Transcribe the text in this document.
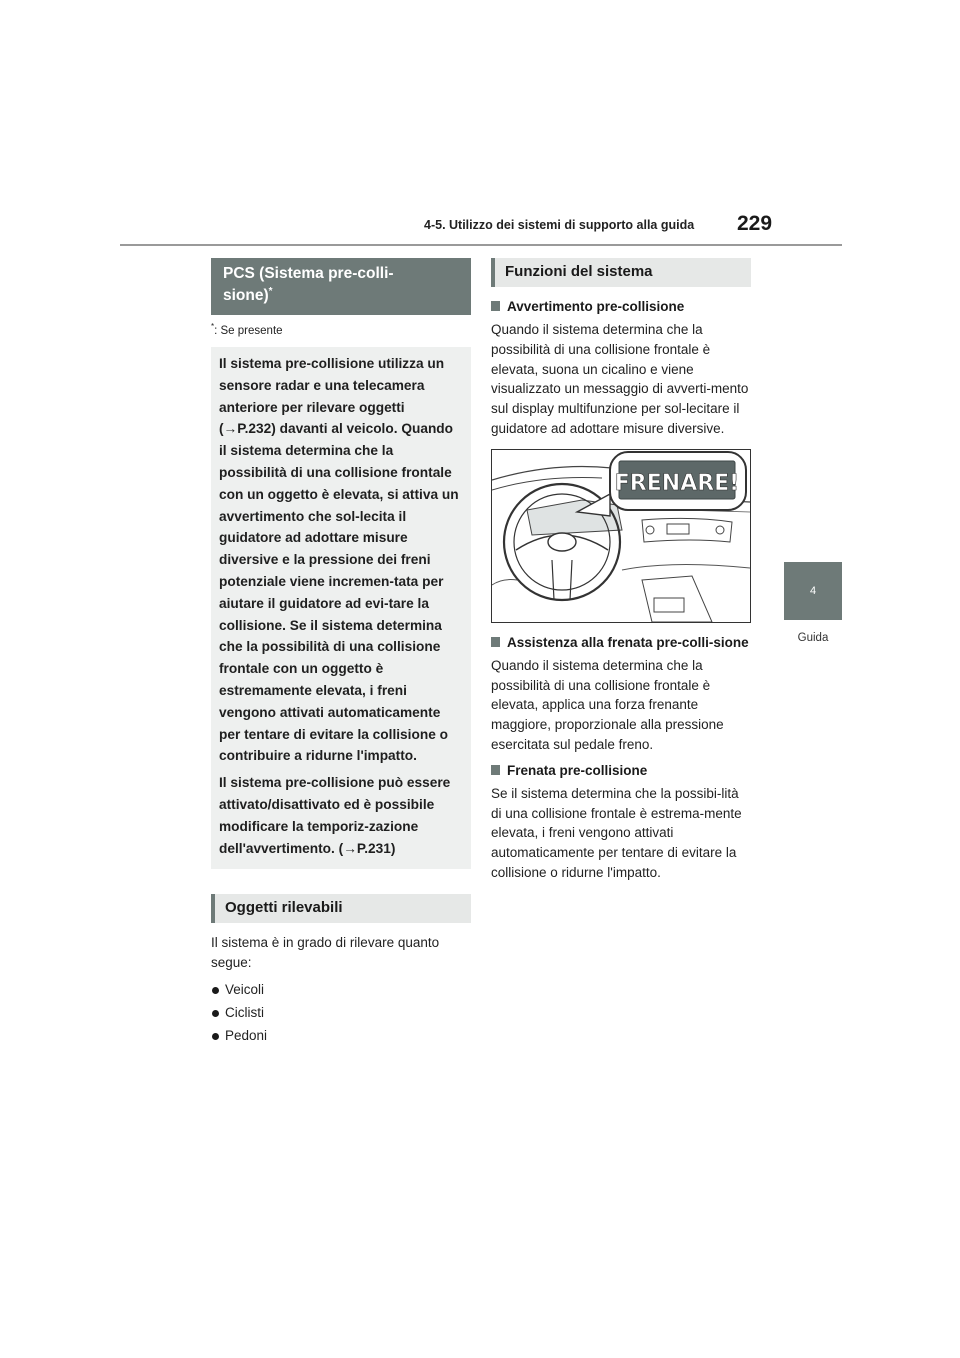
4-5. Utilizzo dei sistemi di supporto alla guida 229
4
Guida
PCS (Sistema pre-colli-
sione)*

*: Se presente

Il sistema pre-collisione utilizza un sensore radar e una telecamera anteriore per rilevare oggetti (→P.232) davanti al veicolo. Quando il sistema determina che la possibilità di una collisione frontale con un oggetto è elevata, si attiva un avvertimento che sol-lecita il guidatore ad adottare misure diversive e la pressione dei freni potenziale viene incremen-tata per aiutare il guidatore ad evi-tare la collisione. Se il sistema determina che la possibilità di una collisione frontale con un oggetto è estremamente elevata, i freni vengono attivati automaticamente per tentare di evitare la collisione o contribuire a ridurne l'impatto.

Il sistema pre-collisione può essere attivato/disattivato ed è possibile modificare la temporiz-zazione dell'avvertimento. (→P.231)

Oggetti rilevabili

Il sistema è in grado di rilevare quanto segue:

Veicoli
Ciclisti
Pedoni
Funzioni del sistema

Avvertimento pre-collisione

Quando il sistema determina che la possibilità di una collisione frontale è elevata, suona un cicalino e viene visualizzato un messaggio di avverti-mento sul display multifunzione per sol-lecitare il guidatore ad adottare misure diversive.

FRENARE!

Assistenza alla frenata pre-colli-sione

Quando il sistema determina che la possibilità di una collisione frontale è elevata, applica una forza frenante maggiore, proporzionale alla pressione esercitata sul pedale freno.

Frenata pre-collisione

Se il sistema determina che la possibi-lità di una collisione frontale è estrema-mente elevata, i freni vengono attivati automaticamente per tentare di evitare la collisione o ridurne l'impatto.
